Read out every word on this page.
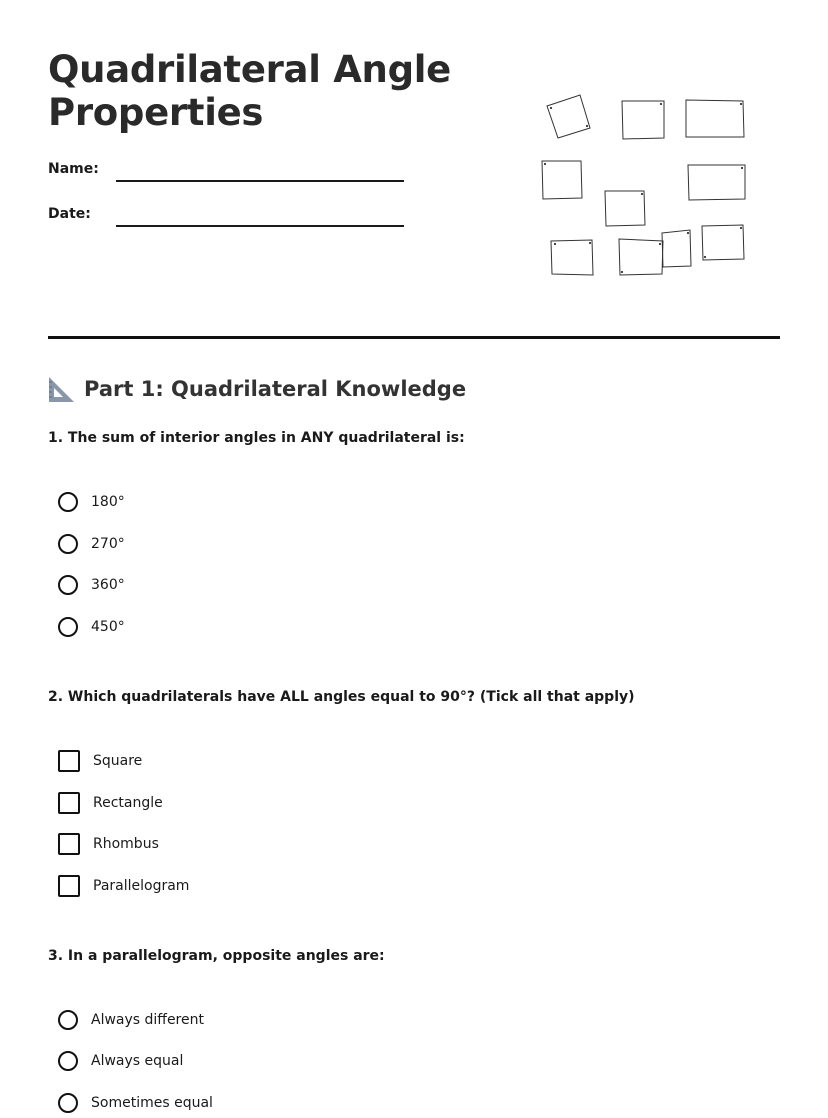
Quadrilateral Angle
Properties
Name:
Date:
Part 1: Quadrilateral Knowledge
1. The sum of interior angles in ANY quadrilateral is:
180°
270°
360°
450°
2. Which quadrilaterals have ALL angles equal to 90°? (Tick all that apply)
Square
Rectangle
Rhombus
Parallelogram
3. In a parallelogram, opposite angles are:
Always different
Always equal
Sometimes equal
